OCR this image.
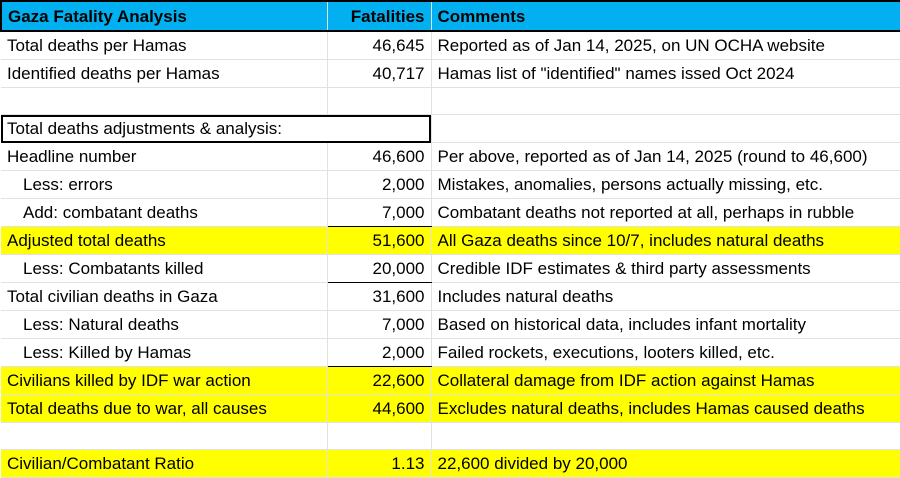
Gaza Fatality Analysis	Fatalities	Comments
Total deaths per Hamas	46,645	Reported as of Jan 14, 2025, on UN OCHA website
Identified deaths per Hamas	40,717	Hamas list of "identified" names issed Oct 2024

Total deaths adjustments & analysis:		
Headline number	46,600	Per above, reported as of Jan 14, 2025 (round to 46,600)
Less: errors	2,000	Mistakes, anomalies, persons actually missing, etc.
Add: combatant deaths	7,000	Combatant deaths not reported at all, perhaps in rubble
Adjusted total deaths	51,600	All Gaza deaths since 10/7, includes natural deaths
Less: Combatants killed	20,000	Credible IDF estimates & third party assessments
Total civilian deaths in Gaza	31,600	Includes natural deaths
Less: Natural deaths	7,000	Based on historical data, includes infant mortality
Less: Killed by Hamas	2,000	Failed rockets, executions, looters killed, etc.
Civilians killed by IDF war action	22,600	Collateral damage from IDF action against Hamas
Total deaths due to war, all causes	44,600	Excludes natural deaths, includes Hamas caused deaths

Civilian/Combatant Ratio	1.13	22,600 divided by 20,000
